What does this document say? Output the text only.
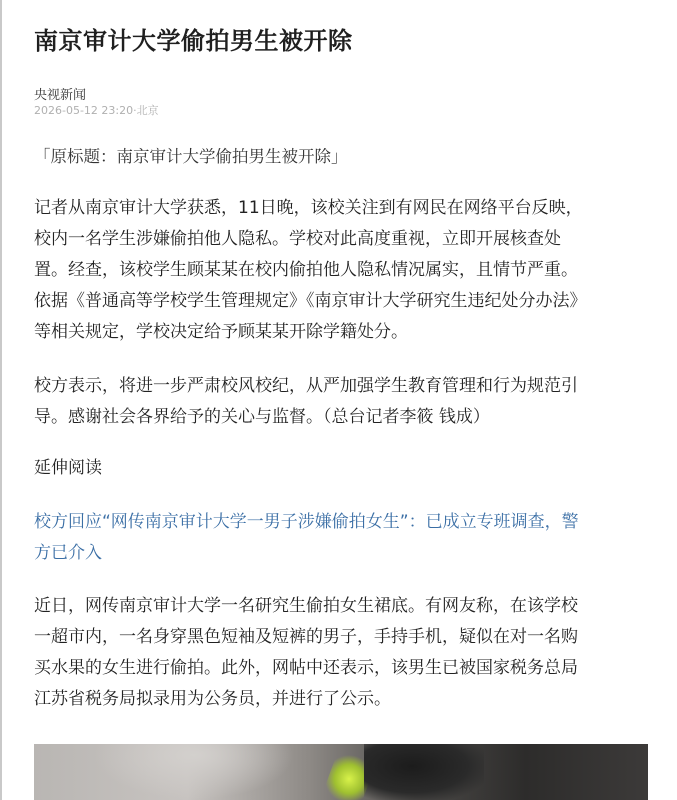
南京审计大学偷拍男生被开除
央视新闻
2026-05-12 23:20·北京
「原标题：南京审计大学偷拍男生被开除」

记者从南京审计大学获悉，11日晚，该校关注到有网民在网络平台反映，
校内一名学生涉嫌偷拍他人隐私。学校对此高度重视，立即开展核查处
置。经查，该校学生顾某某在校内偷拍他人隐私情况属实，且情节严重。
依据《普通高等学校学生管理规定》《南京审计大学研究生违纪处分办法》
等相关规定，学校决定给予顾某某开除学籍处分。

校方表示，将进一步严肃校风校纪，从严加强学生教育管理和行为规范引
导。感谢社会各界给予的关心与监督。（总台记者李筱 钱成）

延伸阅读

校方回应“网传南京审计大学一男子涉嫌偷拍女生”：已成立专班调查，警
方已介入

近日，网传南京审计大学一名研究生偷拍女生裙底。有网友称，在该学校
一超市内，一名身穿黑色短袖及短裤的男子，手持手机，疑似在对一名购
买水果的女生进行偷拍。此外，网帖中还表示，该男生已被国家税务总局
江苏省税务局拟录用为公务员，并进行了公示。
